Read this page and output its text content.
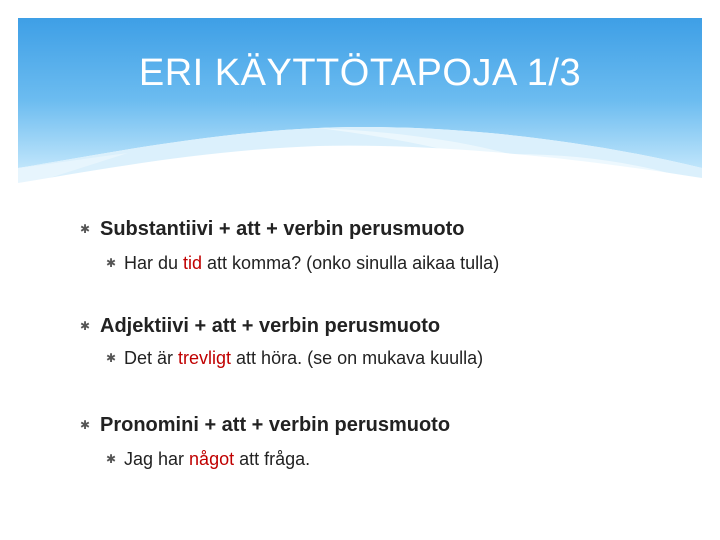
ERI KÄYTTÖTAPOJA 1/3
✱ Substantiivi + att + verbin perusmuoto
✱ Har du tid att komma? (onko sinulla aikaa tulla)
✱ Adjektiivi + att + verbin perusmuoto
✱ Det är trevligt att höra. (se on mukava kuulla)
✱ Pronomini + att + verbin perusmuoto
✱ Jag har något att fråga.
